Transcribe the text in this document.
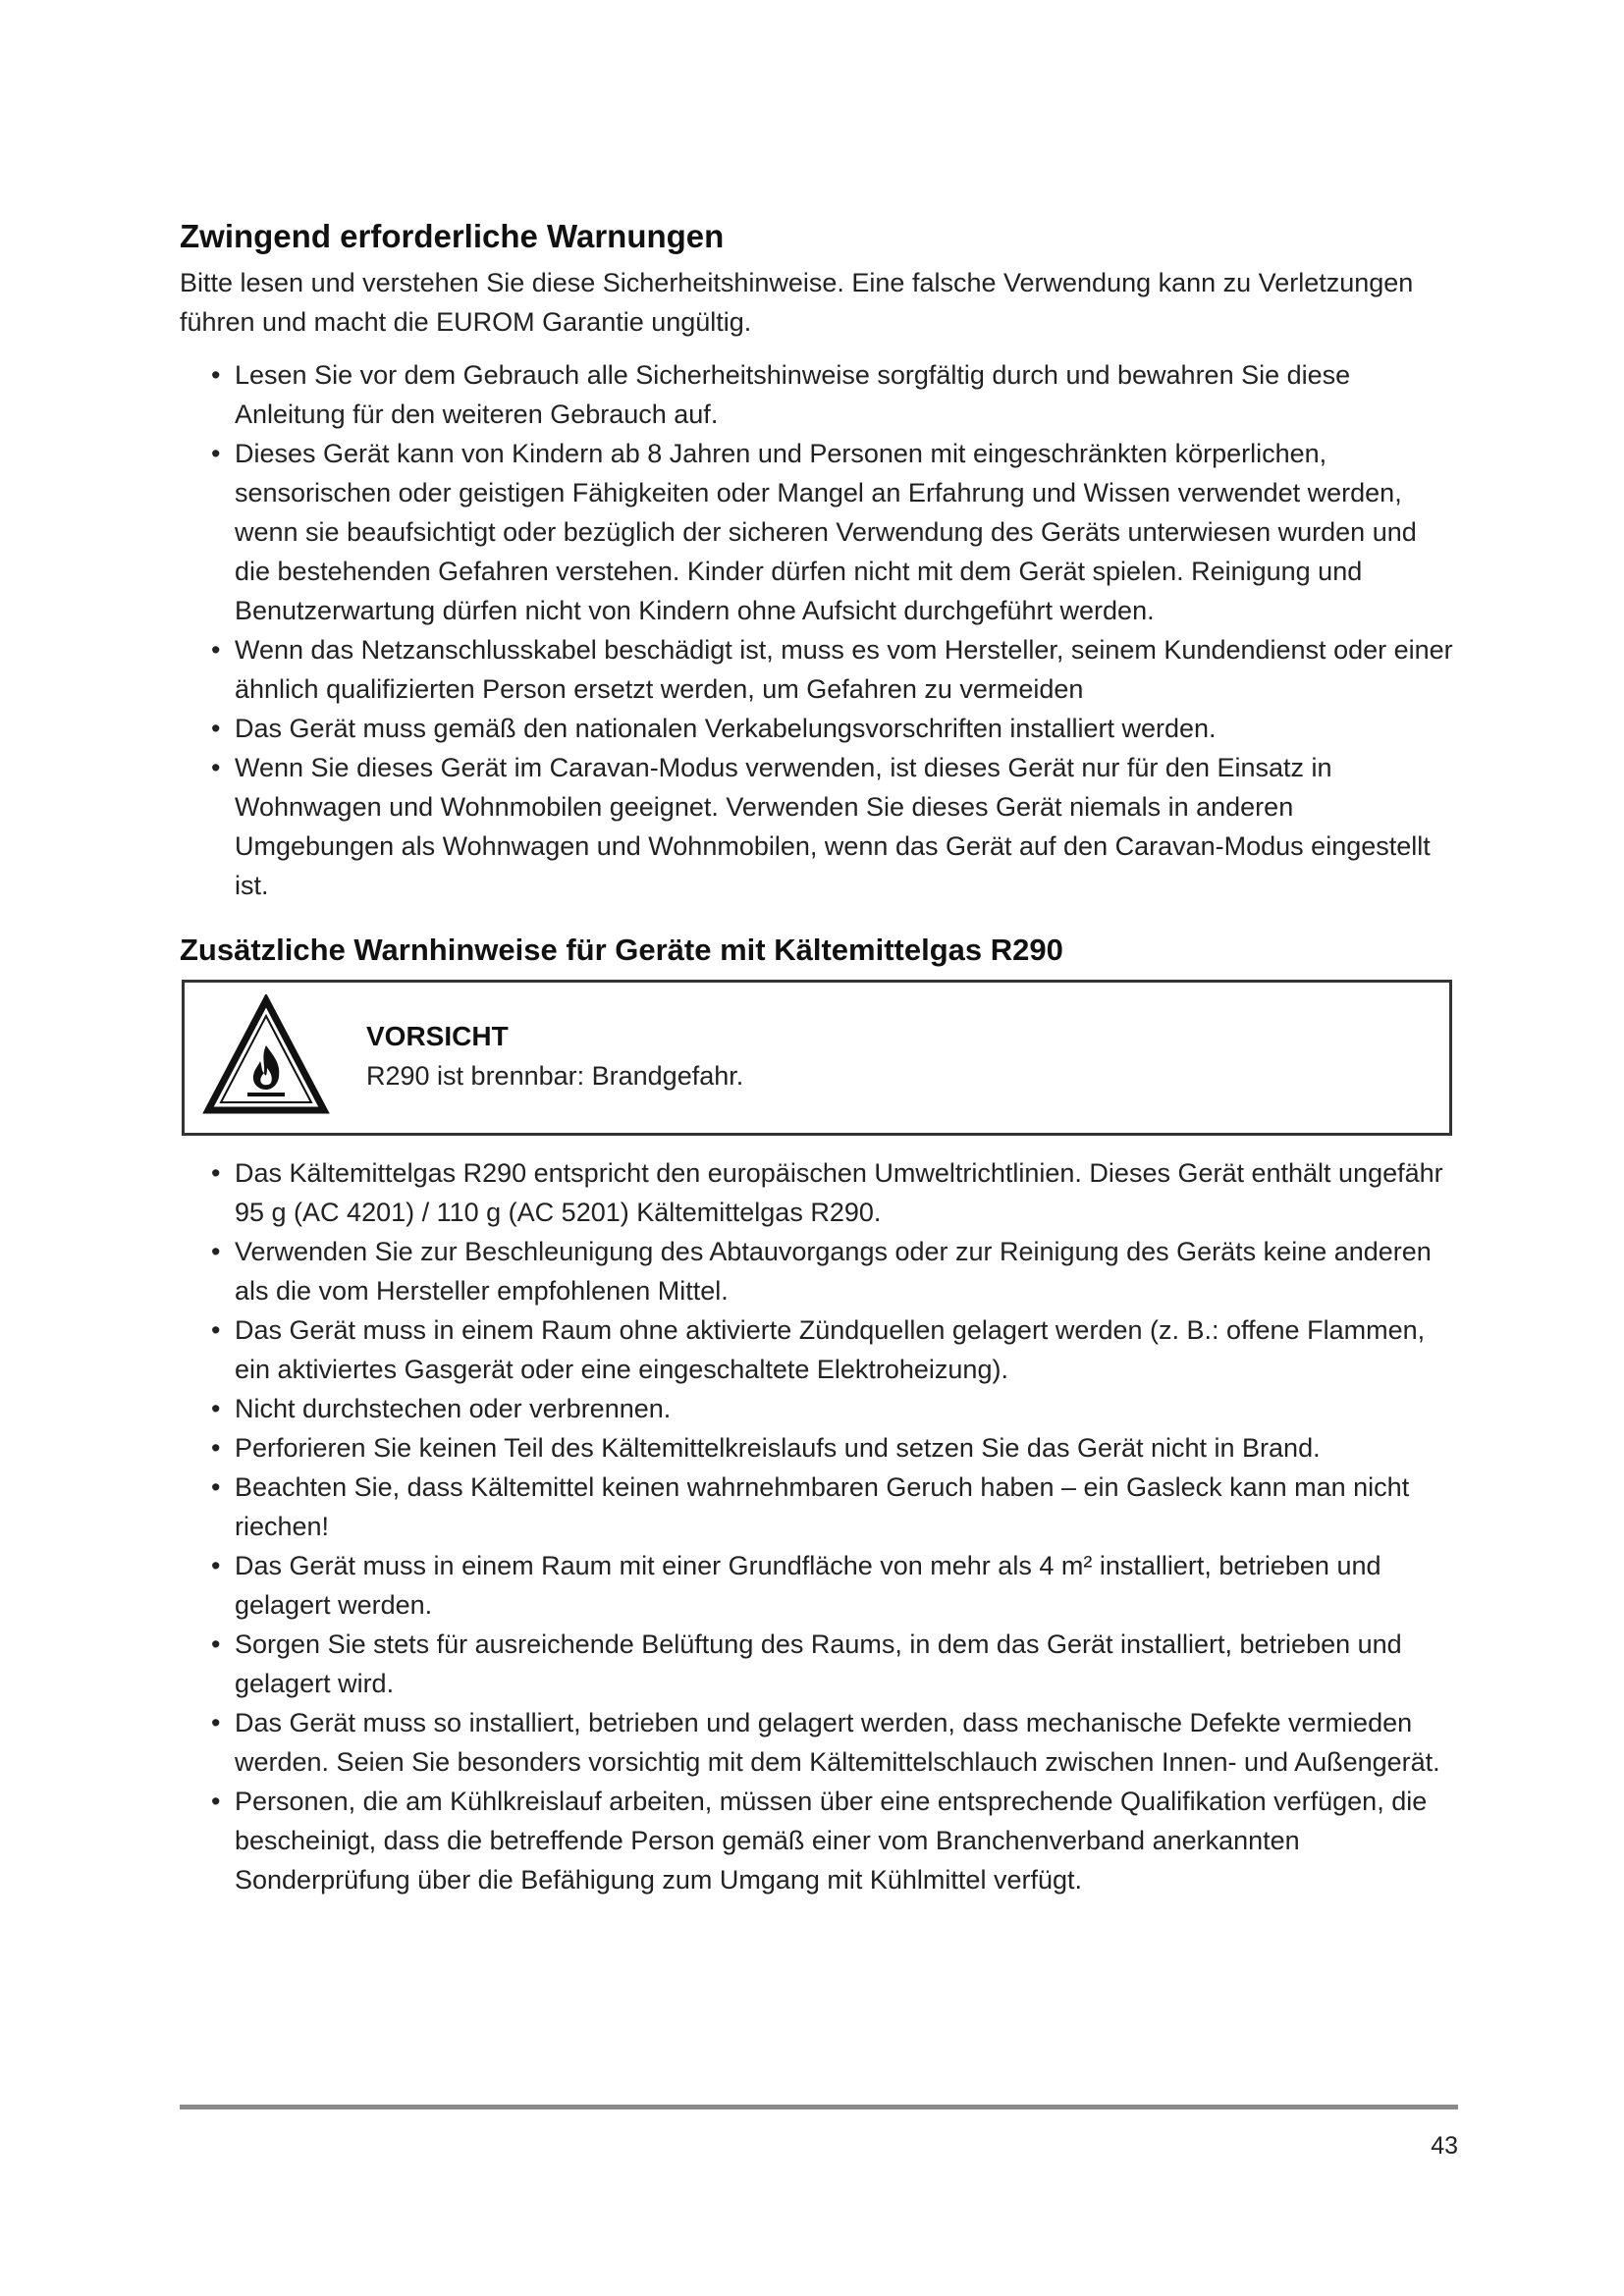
Zwingend erforderliche Warnungen

Bitte lesen und verstehen Sie diese Sicherheitshinweise. Eine falsche Verwendung kann zu Verletzungen führen und macht die EUROM Garantie ungültig.

• Lesen Sie vor dem Gebrauch alle Sicherheitshinweise sorgfältig durch und bewahren Sie diese Anleitung für den weiteren Gebrauch auf.
• Dieses Gerät kann von Kindern ab 8 Jahren und Personen mit eingeschränkten körperlichen, sensorischen oder geistigen Fähigkeiten oder Mangel an Erfahrung und Wissen verwendet werden, wenn sie beaufsichtigt oder bezüglich der sicheren Verwendung des Geräts unterwiesen wurden und die bestehenden Gefahren verstehen. Kinder dürfen nicht mit dem Gerät spielen. Reinigung und Benutzerwartung dürfen nicht von Kindern ohne Aufsicht durchgeführt werden.
• Wenn das Netzanschlusskabel beschädigt ist, muss es vom Hersteller, seinem Kundendienst oder einer ähnlich qualifizierten Person ersetzt werden, um Gefahren zu vermeiden
• Das Gerät muss gemäß den nationalen Verkabelungsvorschriften installiert werden.
• Wenn Sie dieses Gerät im Caravan-Modus verwenden, ist dieses Gerät nur für den Einsatz in Wohnwagen und Wohnmobilen geeignet. Verwenden Sie dieses Gerät niemals in anderen Umgebungen als Wohnwagen und Wohnmobilen, wenn das Gerät auf den Caravan-Modus eingestellt ist.
Zusätzliche Warnhinweise für Geräte mit Kältemittelgas R290
VORSICHT
R290 ist brennbar: Brandgefahr.
• Das Kältemittelgas R290 entspricht den europäischen Umweltrichtlinien. Dieses Gerät enthält ungefähr 95 g (AC 4201) / 110 g (AC 5201) Kältemittelgas R290.
• Verwenden Sie zur Beschleunigung des Abtauvorgangs oder zur Reinigung des Geräts keine anderen als die vom Hersteller empfohlenen Mittel.
• Das Gerät muss in einem Raum ohne aktivierte Zündquellen gelagert werden (z. B.: offene Flammen, ein aktiviertes Gasgerät oder eine eingeschaltete Elektroheizung).
• Nicht durchstechen oder verbrennen.
• Perforieren Sie keinen Teil des Kältemittelkreislaufs und setzen Sie das Gerät nicht in Brand.
• Beachten Sie, dass Kältemittel keinen wahrnehmbaren Geruch haben – ein Gasleck kann man nicht riechen!
• Das Gerät muss in einem Raum mit einer Grundfläche von mehr als 4 m² installiert, betrieben und gelagert werden.
• Sorgen Sie stets für ausreichende Belüftung des Raums, in dem das Gerät installiert, betrieben und gelagert wird.
• Das Gerät muss so installiert, betrieben und gelagert werden, dass mechanische Defekte vermieden werden. Seien Sie besonders vorsichtig mit dem Kältemittelschlauch zwischen Innen- und Außengerät.
• Personen, die am Kühlkreislauf arbeiten, müssen über eine entsprechende Qualifikation verfügen, die bescheinigt, dass die betreffende Person gemäß einer vom Branchenverband anerkannten Sonderprüfung über die Befähigung zum Umgang mit Kühlmittel verfügt.
43
